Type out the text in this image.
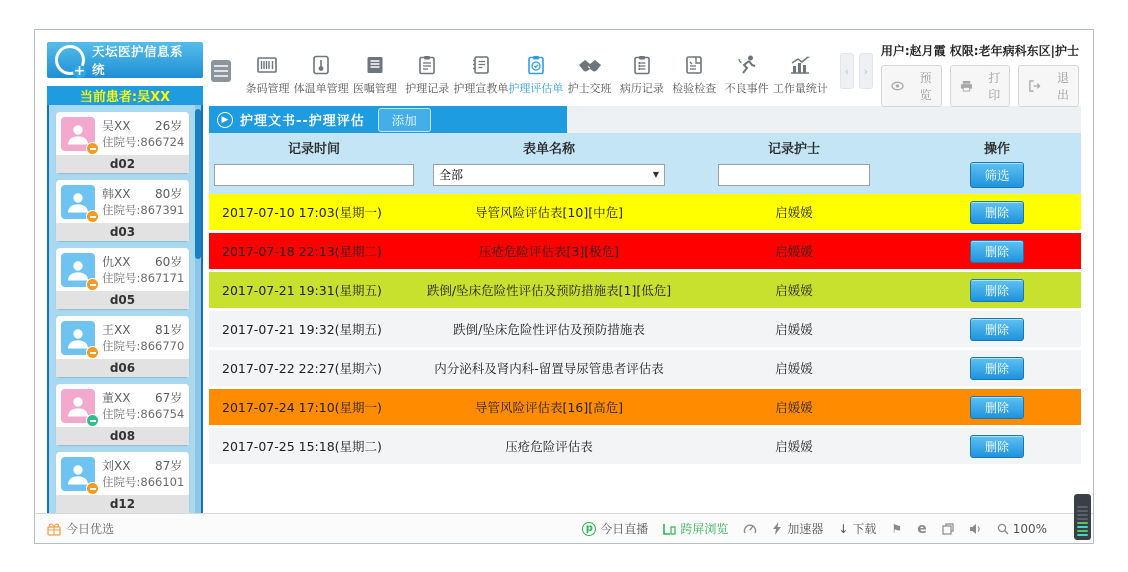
+
天坛医护信息系统
当前患者:吴XX
吴XX 26岁
住院号:866724
d02
韩XX 80岁
住院号:867391
d03
仇XX 60岁
住院号:867171
d05
王XX 81岁
住院号:866770
d06
董XX 67岁
住院号:866754
d08
刘XX 87岁
住院号:866101
d12
条码管理 体温单管理 医嘱管理 护理记录 护理宣教单 护理评估单 护士交班 病历记录 检验检查 不良事件 工作量统计
‹	›
用户:赵月霞 权限:老年病科东区|护士
预览
打印
退出
▶ 护理文书--护理评估	添加
记录时间	表单名称	记录护士	操作
全部	▼	筛选
2017-07-10 17:03(星期一)	导管风险评估表[10][中危]	启媛媛	删除
2017-07-18 22:13(星期二)	压疮危险评估表[3][极危]	启媛媛	删除
2017-07-21 19:31(星期五)	跌倒/坠床危险性评估及预防措施表[1][低危]	启媛媛	删除
2017-07-21 19:32(星期五)	跌倒/坠床危险性评估及预防措施表	启媛媛	删除
2017-07-22 22:27(星期六)	内分泌科及肾内科-留置导尿管患者评估表	启媛媛	删除
2017-07-24 17:10(星期一)	导管风险评估表[16][高危]	启媛媛	删除
2017-07-25 15:18(星期二)	压疮危险评估表	启媛媛	删除
今日优选	p 今日直播	跨屏浏览	加速器 ↓ 下载 ⚑ e	100%
